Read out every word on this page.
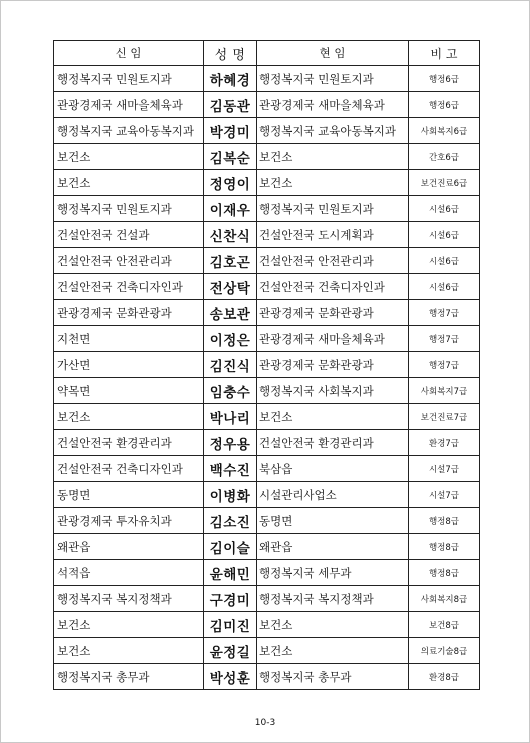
신 임	성 명	현 임	비 고
행정복지국 민원토지과	하혜경	행정복지국 민원토지과	행정6급
관광경제국 새마을체육과	김동관	관광경제국 새마을체육과	행정6급
행정복지국 교육아동복지과	박경미	행정복지국 교육아동복지과	사회복지6급
보건소	김복순	보건소	간호6급
보건소	정영이	보건소	보건진료6급
행정복지국 민원토지과	이재우	행정복지국 민원토지과	시설6급
건설안전국 건설과	신찬식	건설안전국 도시계획과	시설6급
건설안전국 안전관리과	김호곤	건설안전국 안전관리과	시설6급
건설안전국 건축디자인과	전상탁	건설안전국 건축디자인과	시설6급
관광경제국 문화관광과	송보관	관광경제국 문화관광과	행정7급
지천면	이정은	관광경제국 새마을체육과	행정7급
가산면	김진식	관광경제국 문화관광과	행정7급
약목면	임충수	행정복지국 사회복지과	사회복지7급
보건소	박나리	보건소	보건진료7급
건설안전국 환경관리과	정우용	건설안전국 환경관리과	환경7급
건설안전국 건축디자인과	백수진	북삼읍	시설7급
동명면	이병화	시설관리사업소	시설7급
관광경제국 투자유치과	김소진	동명면	행정8급
왜관읍	김이슬	왜관읍	행정8급
석적읍	윤해민	행정복지국 세무과	행정8급
행정복지국 복지정책과	구경미	행정복지국 복지정책과	사회복지8급
보건소	김미진	보건소	보건8급
보건소	윤정길	보건소	의료기술8급
행정복지국 총무과	박성훈	행정복지국 총무과	환경8급
10-3
